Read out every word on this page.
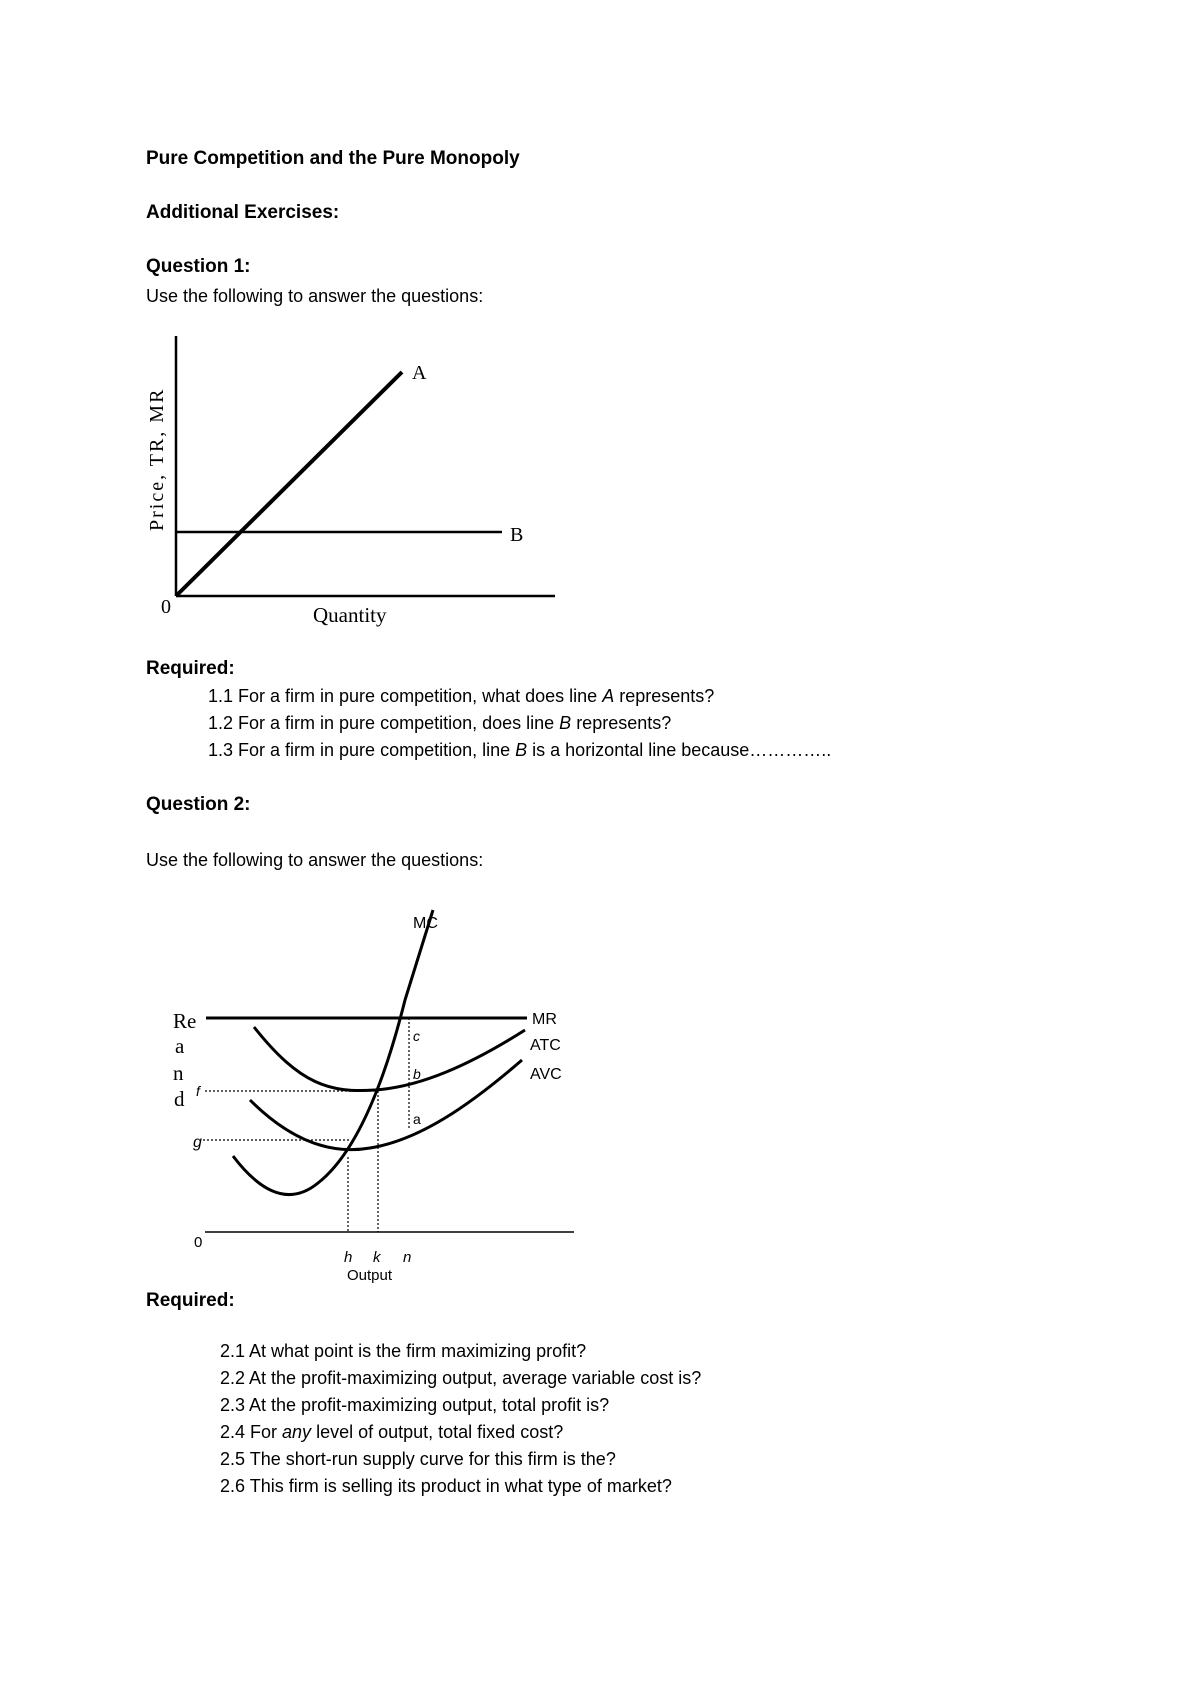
Pure Competition and the Pure Monopoly
Additional Exercises:
Question 1:
Use the following to answer the questions:
A
B
0	Quantity
Price, TR, MR
Required:
1.1 For a firm in pure competition, what does line A represents?
1.2 For a firm in pure competition, does line B represents?
1.3 For a firm in pure competition, line B is a horizontal line because…………..
Question 2:
Use the following to answer the questions:
MC
MR
ATC
AVC
c
b
a
f
g
0
h k n
Output
Re
a
n
d
Required:
2.1 At what point is the firm maximizing profit?
2.2 At the profit-maximizing output, average variable cost is?
2.3 At the profit-maximizing output, total profit is?
2.4 For any level of output, total fixed cost?
2.5 The short-run supply curve for this firm is the?
2.6 This firm is selling its product in what type of market?
